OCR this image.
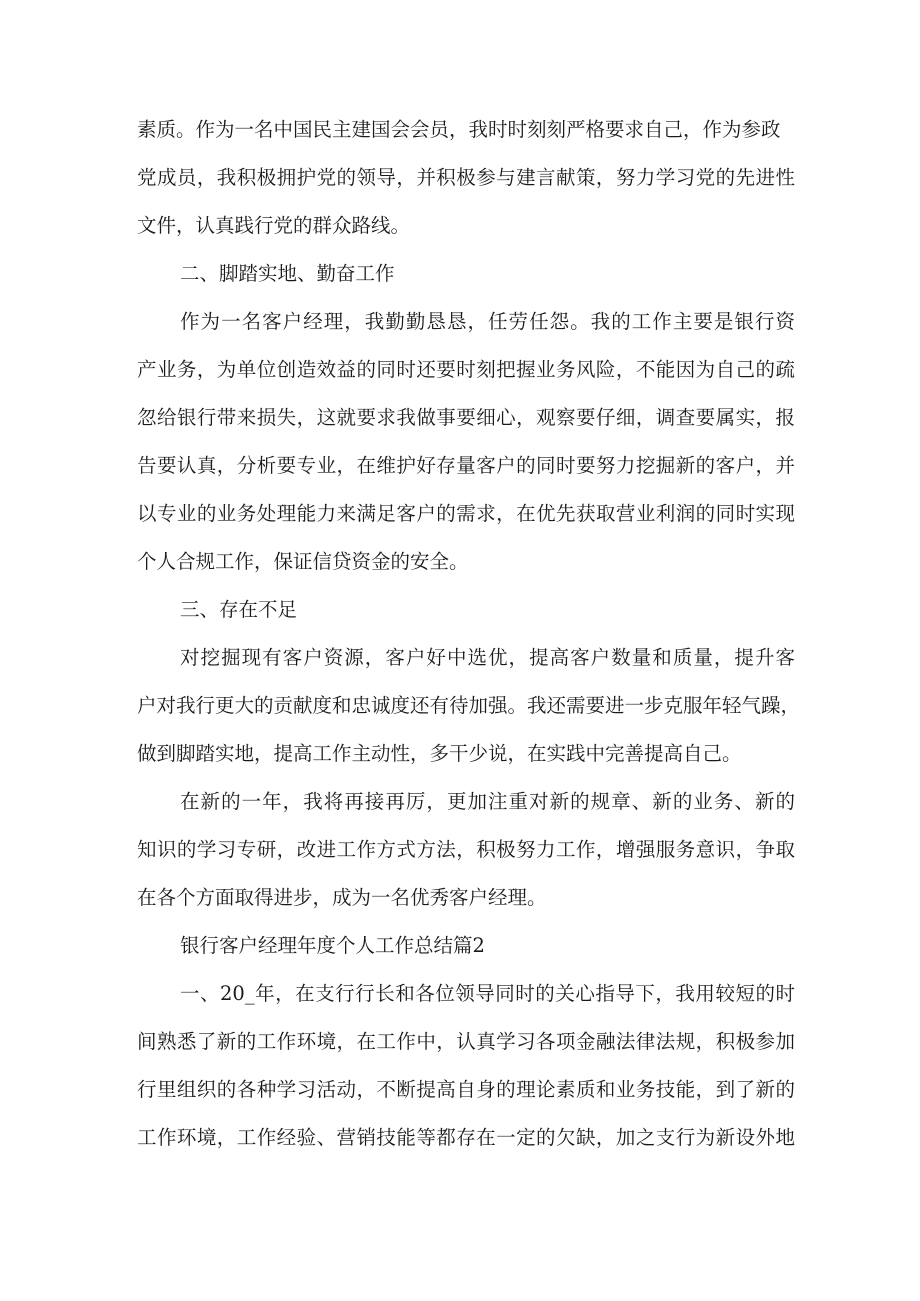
素质。作为一名中国民主建国会会员，我时时刻刻严格要求自己，作为参政
党成员，我积极拥护党的领导，并积极参与建言献策，努力学习党的先进性
文件，认真践行党的群众路线。
二、脚踏实地、勤奋工作
作为一名客户经理，我勤勤恳恳，任劳任怨。我的工作主要是银行资
产业务，为单位创造效益的同时还要时刻把握业务风险，不能因为自己的疏
忽给银行带来损失，这就要求我做事要细心，观察要仔细，调查要属实，报
告要认真，分析要专业，在维护好存量客户的同时要努力挖掘新的客户，并
以专业的业务处理能力来满足客户的需求，在优先获取营业利润的同时实现
个人合规工作，保证信贷资金的安全。
三、存在不足
对挖掘现有客户资源，客户好中选优，提高客户数量和质量，提升客
户对我行更大的贡献度和忠诚度还有待加强。我还需要进一步克服年轻气躁，
做到脚踏实地，提高工作主动性，多干少说，在实践中完善提高自己。
在新的一年，我将再接再厉，更加注重对新的规章、新的业务、新的
知识的学习专研，改进工作方式方法，积极努力工作，增强服务意识，争取
在各个方面取得进步，成为一名优秀客户经理。
银行客户经理年度个人工作总结篇2
一、20_年，在支行行长和各位领导同时的关心指导下，我用较短的时
间熟悉了新的工作环境，在工作中，认真学习各项金融法律法规，积极参加
行里组织的各种学习活动，不断提高自身的理论素质和业务技能，到了新的
工作环境，工作经验、营销技能等都存在一定的欠缺，加之支行为新设外地
